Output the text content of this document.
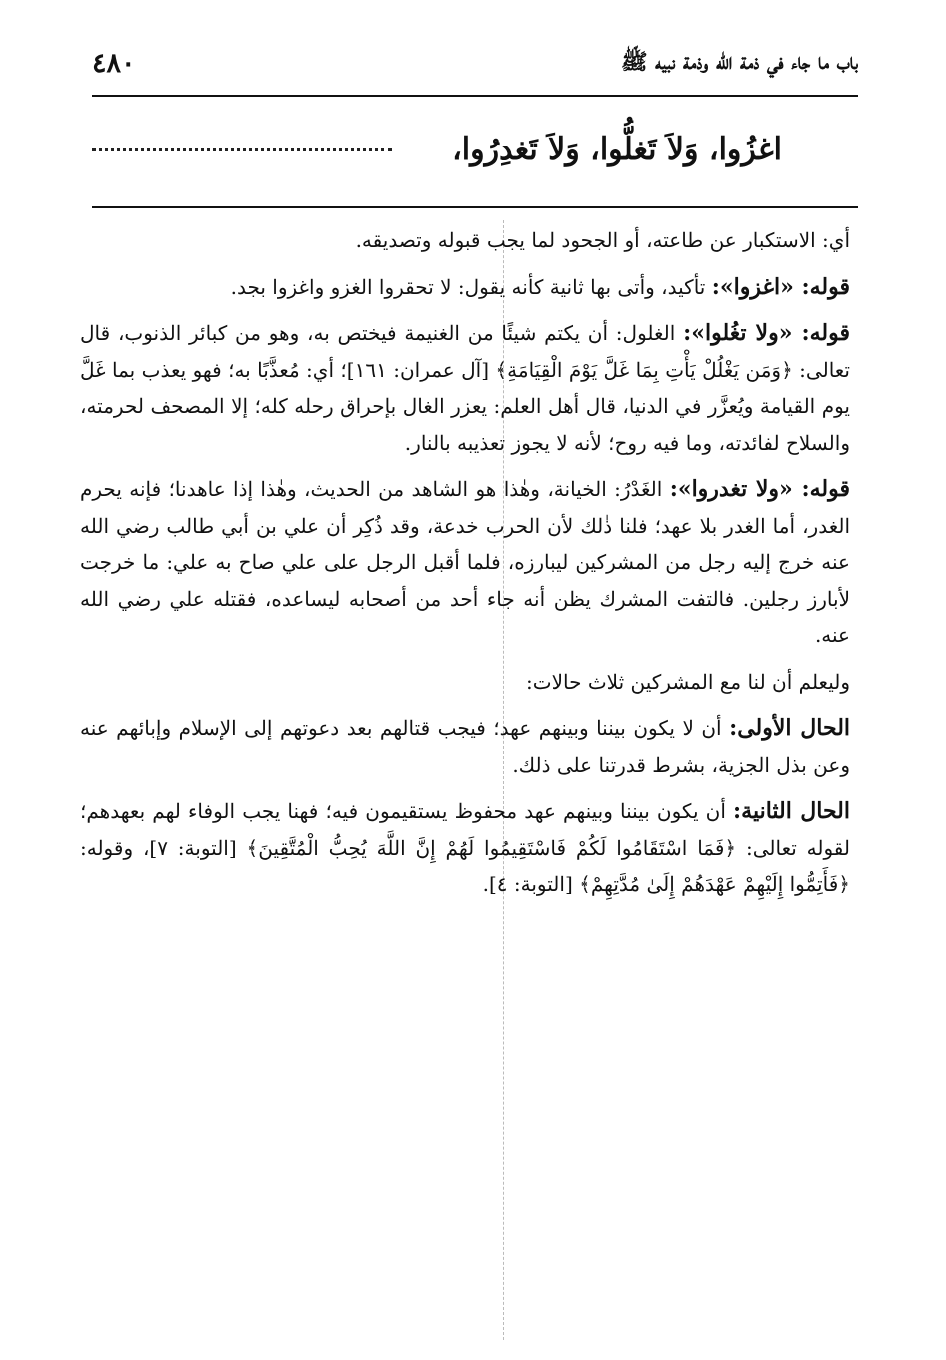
٤٨٠	باب ما جاء في ذمة الله وذمة نبيه ﷺ
اغزُوا، وَلاَ تَغلُّوا، وَلاَ تَغدِرُوا،

أي: الاستكبار عن طاعته، أو الجحود لما يجب قبوله وتصديقه.

قوله: «اغزوا»: تأكيد، وأتى بها ثانية كأنه يقول: لا تحقروا الغزو واغزوا بجد.

قوله: «ولا تغُلوا»: الغلول: أن يكتم شيئًا من الغنيمة فيختص به، وهو من كبائر الذنوب، قال تعالى: ﴿وَمَن يَغْلُلْ يَأْتِ بِمَا غَلَّ يَوْمَ الْقِيَامَةِ﴾ [آل عمران: ١٦١]؛ أي: مُعذَّبًا به؛ فهو يعذب بما غَلَّ يوم القيامة ويُعزَّر في الدنيا، قال أهل العلم: يعزر الغال بإحراق رحله كله؛ إلا المصحف لحرمته، والسلاح لفائدته، وما فيه روح؛ لأنه لا يجوز تعذيبه بالنار.

قوله: «ولا تغدروا»: الغَدْرُ: الخيانة، وهٰذا هو الشاهد من الحديث، وهٰذا إذا عاهدنا؛ فإنه يحرم الغدر، أما الغدر بلا عهد؛ فلنا ذٰلك لأن الحرب خدعة، وقد ذُكِر أن علي بن أبي طالب رضي الله عنه خرج إليه رجل من المشركين ليبارزه، فلما أقبل الرجل على علي صاح به علي: ما خرجت لأبارز رجلين. فالتفت المشرك يظن أنه جاء أحد من أصحابه ليساعده، فقتله علي رضي الله عنه.

وليعلم أن لنا مع المشركين ثلاث حالات:

الحال الأولى: أن لا يكون بيننا وبينهم عهد؛ فيجب قتالهم بعد دعوتهم إلى الإسلام وإبائهم عنه وعن بذل الجزية، بشرط قدرتنا على ذلك.

الحال الثانية: أن يكون بيننا وبينهم عهد محفوظ يستقيمون فيه؛ فهنا يجب الوفاء لهم بعهدهم؛ لقوله تعالى: ﴿فَمَا اسْتَقَامُوا لَكُمْ فَاسْتَقِيمُوا لَهُمْ إِنَّ اللَّهَ يُحِبُّ الْمُتَّقِينَ﴾ [التوبة: ٧]، وقوله: ﴿فَأَتِمُّوا إِلَيْهِمْ عَهْدَهُمْ إِلَىٰ مُدَّتِهِمْ﴾ [التوبة: ٤].
